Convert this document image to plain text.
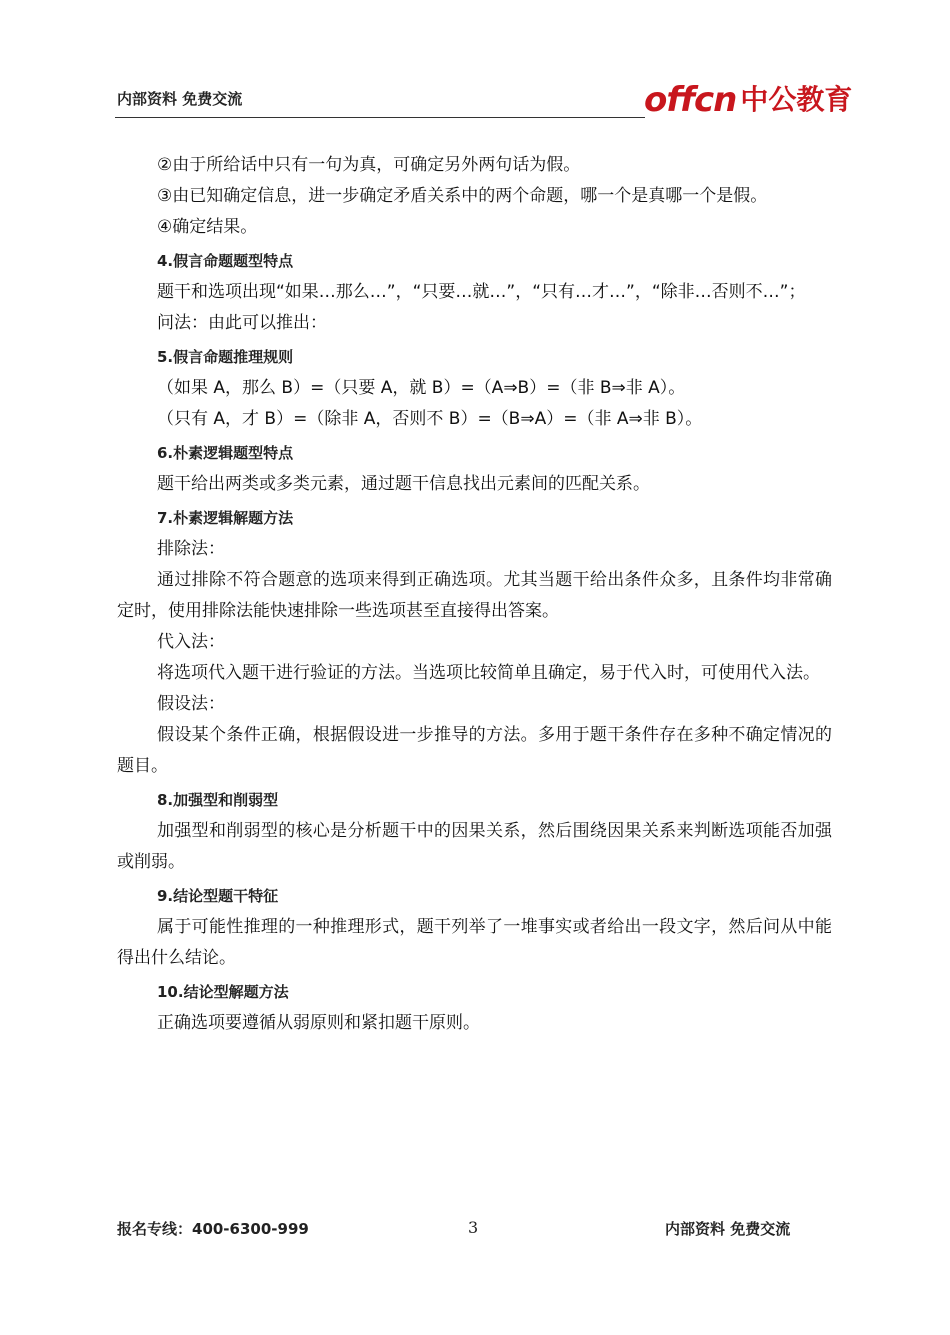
内部资料 免费交流	offcn 中公教育

②由于所给话中只有一句为真，可确定另外两句话为假。

③由已知确定信息，进一步确定矛盾关系中的两个命题，哪一个是真哪一个是假。

④确定结果。

4.假言命题题型特点

题干和选项出现“如果…那么…”，“只要…就…”，“只有…才…”，“除非…否则不…”；

问法：由此可以推出：

5.假言命题推理规则

（如果 A，那么 B）=（只要 A，就 B）=（A⇒B）=（非 B⇒非 A）。

（只有 A，才 B）=（除非 A，否则不 B）=（B⇒A）=（非 A⇒非 B）。

6.朴素逻辑题型特点

题干给出两类或多类元素，通过题干信息找出元素间的匹配关系。

7.朴素逻辑解题方法

排除法：

通过排除不符合题意的选项来得到正确选项。尤其当题干给出条件众多，且条件均非常确定时，使用排除法能快速排除一些选项甚至直接得出答案。

代入法：

将选项代入题干进行验证的方法。当选项比较简单且确定，易于代入时，可使用代入法。

假设法：

假设某个条件正确，根据假设进一步推导的方法。多用于题干条件存在多种不确定情况的题目。

8.加强型和削弱型

加强型和削弱型的核心是分析题干中的因果关系，然后围绕因果关系来判断选项能否加强或削弱。

9.结论型题干特征

属于可能性推理的一种推理形式，题干列举了一堆事实或者给出一段文字，然后问从中能得出什么结论。

10.结论型解题方法

正确选项要遵循从弱原则和紧扣题干原则。

报名专线：400-6300-999	3	内部资料 免费交流
